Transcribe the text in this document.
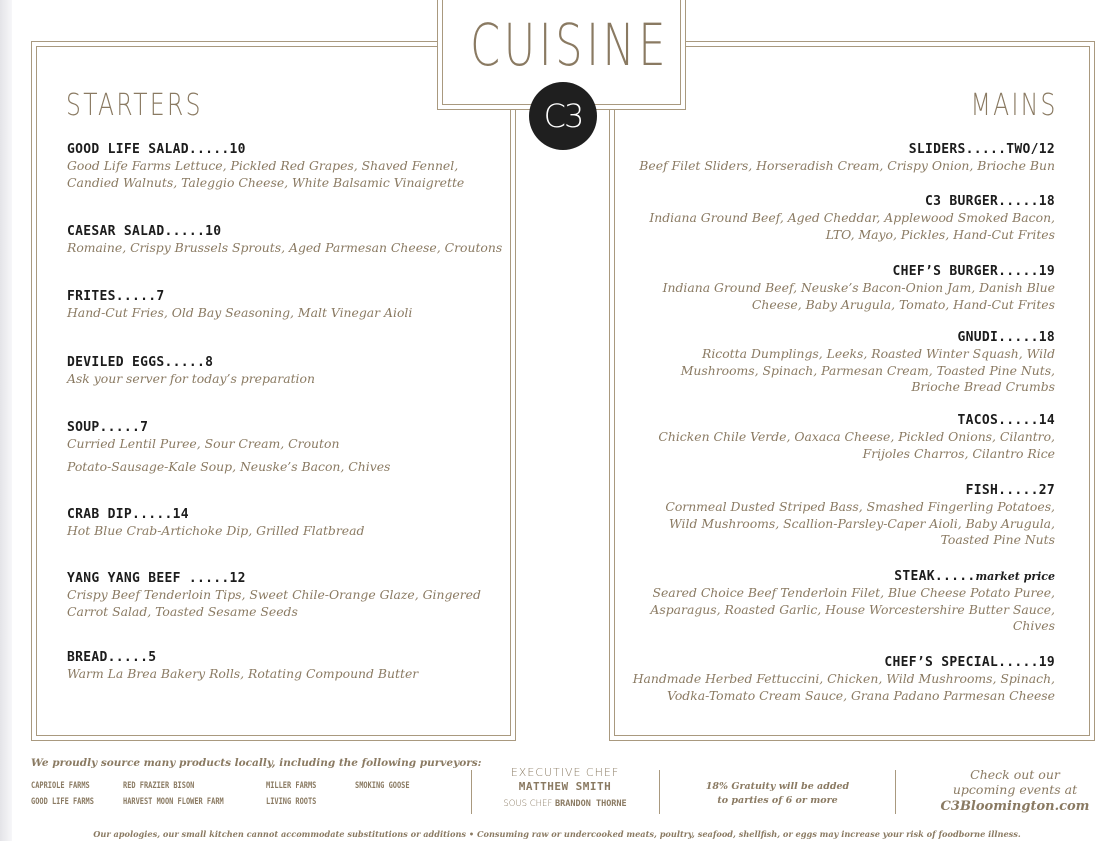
CUISINE
C3
STARTERS	MAINS
GOOD LIFE SALAD.....10
Good Life Farms Lettuce, Pickled Red Grapes, Shaved Fennel,
Candied Walnuts, Taleggio Cheese, White Balsamic Vinaigrette
CAESAR SALAD.....10
Romaine, Crispy Brussels Sprouts, Aged Parmesan Cheese, Croutons
FRITES.....7
Hand-Cut Fries, Old Bay Seasoning, Malt Vinegar Aioli
DEVILED EGGS.....8
Ask your server for today’s preparation
SOUP.....7
Curried Lentil Puree, Sour Cream, Crouton
Potato-Sausage-Kale Soup, Neuske’s Bacon, Chives
CRAB DIP.....14
Hot Blue Crab-Artichoke Dip, Grilled Flatbread
YANG YANG BEEF .....12
Crispy Beef Tenderloin Tips, Sweet Chile-Orange Glaze, Gingered
Carrot Salad, Toasted Sesame Seeds
BREAD.....5
Warm La Brea Bakery Rolls, Rotating Compound Butter
SLIDERS.....TWO/12
Beef Filet Sliders, Horseradish Cream, Crispy Onion, Brioche Bun
C3 BURGER.....18
Indiana Ground Beef, Aged Cheddar, Applewood Smoked Bacon,
LTO, Mayo, Pickles, Hand-Cut Frites
CHEF’S BURGER.....19
Indiana Ground Beef, Neuske’s Bacon-Onion Jam, Danish Blue
Cheese, Baby Arugula, Tomato, Hand-Cut Frites
GNUDI.....18
Ricotta Dumplings, Leeks, Roasted Winter Squash, Wild
Mushrooms, Spinach, Parmesan Cream, Toasted Pine Nuts,
Brioche Bread Crumbs
TACOS.....14
Chicken Chile Verde, Oaxaca Cheese, Pickled Onions, Cilantro,
Frijoles Charros, Cilantro Rice
FISH.....27
Cornmeal Dusted Striped Bass, Smashed Fingerling Potatoes,
Wild Mushrooms, Scallion-Parsley-Caper Aioli, Baby Arugula,
Toasted Pine Nuts
STEAK.....market price
Seared Choice Beef Tenderloin Filet, Blue Cheese Potato Puree,
Asparagus, Roasted Garlic, House Worcestershire Butter Sauce,
Chives
CHEF’S SPECIAL.....19
Handmade Herbed Fettuccini, Chicken, Wild Mushrooms, Spinach,
Vodka-Tomato Cream Sauce, Grana Padano Parmesan Cheese
We proudly source many products locally, including the following purveyors:
CAPRIOLE FARMS	RED FRAZIER BISON	MILLER FARMS	SMOKING GOOSE
GOOD LIFE FARMS	HARVEST MOON FLOWER FARM	LIVING ROOTS
EXECUTIVE CHEF
MATTHEW SMITH
SOUS CHEF BRANDON THORNE
18% Gratuity will be added
to parties of 6 or more
Check out our
upcoming events at
C3Bloomington.com
Our apologies, our small kitchen cannot accommodate substitutions or additions • Consuming raw or undercooked meats, poultry, seafood, shellfish, or eggs may increase your risk of foodborne illness.
